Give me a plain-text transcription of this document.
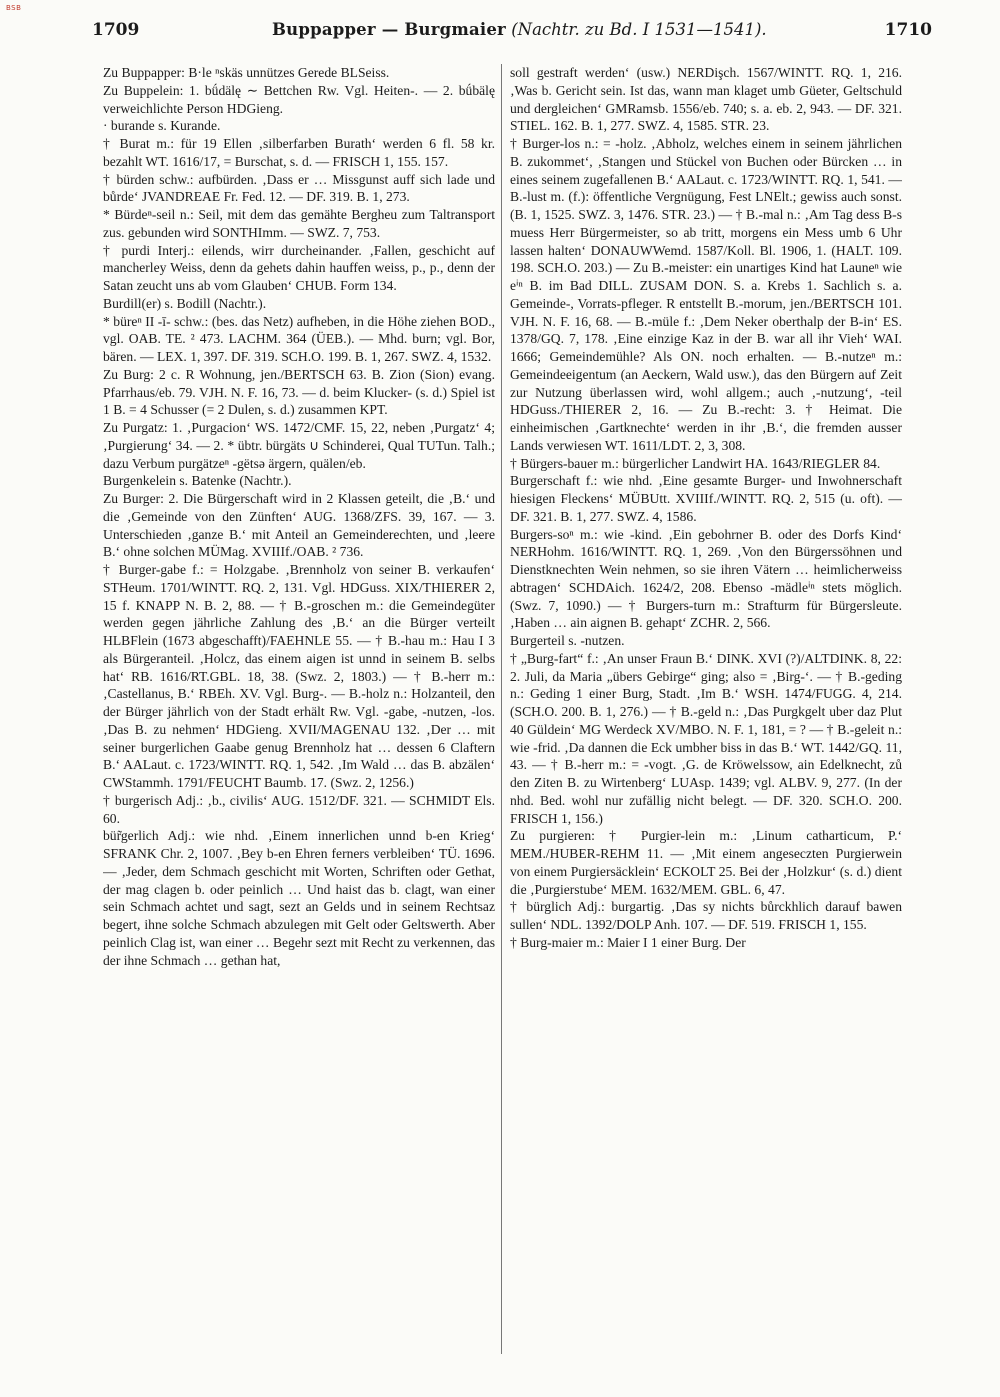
BSB
1709	Buppapper — Burgmaier (Nachtr. zu Bd. I 1531—1541).	1710

Zu Buppapper: B·le ⁿskäs unnützes Gerede BLSeiss.

Zu Buppelein: 1. bǘdälę ∼ Bettchen Rw. Vgl. Heiten-. — 2. bǘbälę verweichlichte Person HDGieng.

· burande s. Kurande.

† Burat m.: für 19 Ellen ‚silberfarben Burath‘ werden 6 fl. 58 kr. bezahlt WT. 1616/17, = Burschat, s. d. — FRISCH 1, 155. 157.

† bürden schw.: aufbürden. ‚Dass er … Missgunst auff sich lade und bůrde‘ JVANDREAE Fr. Fed. 12. — DF. 319. B. 1, 273.

* Bürdeⁿ-seil n.: Seil, mit dem das gemähte Bergheu zum Taltransport zus. gebunden wird SONTHImm. — SWZ. 7, 753.

† purdi Interj.: eilends, wirr durcheinander. ‚Fallen, geschicht auf mancherley Weiss, denn da gehets dahin hauffen weiss, p., p., denn der Satan zeucht uns ab vom Glauben‘ CHUB. Form 134.

Burdill(er) s. Bodill (Nachtr.).

* bürеⁿ II -ī- schw.: (bes. das Netz) aufheben, in die Höhe ziehen BOD., vgl. OAB. TE. ² 473. LACHM. 364 (ÜEB.). — Mhd. burn; vgl. Bor, bären. — LEX. 1, 397. DF. 319. SCH.O. 199. B. 1, 267. SWZ. 4, 1532.

Zu Burg: 2 c. R Wohnung, jen./BERTSCH 63. B. Zion (Sion) evang. Pfarrhaus/eb. 79. VJH. N. F. 16, 73. — d. beim Klucker- (s. d.) Spiel ist 1 B. = 4 Schusser (= 2 Dulen, s. d.) zusammen KPT.

Zu Purgatz: 1. ‚Purgacion‘ WS. 1472/CMF. 15, 22, neben ‚Purgatz‘ 4; ‚Purgierung‘ 34. — 2. * übtr. bürgäts ∪ Schinderei, Qual TUTun. Talh.; dazu Verbum purgätzeⁿ -gëtsə ärgern, quälen/eb.

Burgenkelein s. Batenke (Nachtr.).

Zu Burger: 2. Die Bürgerschaft wird in 2 Klassen geteilt, die ‚B.‘ und die ‚Gemeinde von den Zünften‘ AUG. 1368/ZFS. 39, 167. — 3. Unterschieden ‚ganze B.‘ mit Anteil an Gemeinderechten, und ‚leere B.‘ ohne solchen MÜMag. XVIIIf./OAB. ² 736.

† Burger-gabe f.: = Holzgabe. ‚Brennholz von seiner B. verkaufen‘ STHeum. 1701/WINTT. RQ. 2, 131. Vgl. HDGuss. XIX/THIERER 2, 15 f. KNAPP N. B. 2, 88. — † B.-groschen m.: die Gemeindegüter werden gegen jährliche Zahlung des ‚B.‘ an die Bürger verteilt HLBFlein (1673 abgeschafft)/FAEHNLE 55. — † B.-hau m.: Hau I 3 als Bürgeranteil. ‚Holcz, das einem aigen ist unnd in seinem B. selbs hat‘ RB. 1616/RT.GBL. 18, 38. (Swz. 2, 1803.) — † B.-herr m.: ‚Castellanus, B.‘ RBEh. XV. Vgl. Burg-. — B.-holz n.: Holzanteil, den der Bürger jährlich von der Stadt erhält Rw. Vgl. -gabe, -nutzen, -los. ‚Das B. zu nehmen‘ HDGieng. XVII/MAGENAU 132. ‚Der … mit seiner burgerlichen Gaabe genug Brennholz hat … dessen 6 Claftern B.‘ AALaut. c. 1723/WINTT. RQ. 1, 542. ‚Im Wald … das B. abzälen‘ CWStammh. 1791/FEUCHT Baumb. 17. (Swz. 2, 1256.)

† burgerisch Adj.: ‚b., civilis‘ AUG. 1512/DF. 321. — SCHMIDT Els. 60.

bür̃gerlich Adj.: wie nhd. ‚Einem innerlichen unnd b-en Krieg‘ SFRANK Chr. 2, 1007. ‚Bey b-en Ehren ferners verbleiben‘ TÜ. 1696. — ‚Jeder, dem Schmach geschicht mit Worten, Schriften oder Gethat, der mag clagen b. oder peinlich … Und haist das b. clagt, wan einer sein Schmach achtet und sagt, sezt an Gelds und in seinem Rechtsaz begert, ihne solche Schmach abzulegen mit Gelt oder Geltswerth. Aber peinlich Clag ist, wan einer … Begehr sezt mit Recht zu verkennen, das der ihne Schmach … gethan hat,

soll gestraft werden‘ (usw.) NERDişch. 1567/WINTT. RQ. 1, 216. ‚Was b. Gericht sein. Ist das, wann man klaget umb Güeter, Geltschuld und dergleichen‘ GMRamsb. 1556/eb. 740; s. a. eb. 2, 943. — DF. 321. STIEL. 162. B. 1, 277. SWZ. 4, 1585. STR. 23.

† Burger-los n.: = -holz. ‚Abholz, welches einem in seinem jährlichen B. zukommet‘, ‚Stangen und Stückel von Buchen oder Bürcken … in eines seinem zugefallenen B.‘ AALaut. c. 1723/WINTT. RQ. 1, 541. — B.-lust m. (f.): öffentliche Vergnügung, Fest LNElt.; gewiss auch sonst. (B. 1, 1525. SWZ. 3, 1476. STR. 23.) — † B.-mal n.: ‚Am Tag dess B-s muess Herr Bürgermeister, so ab tritt, morgens ein Mess umb 6 Uhr lassen halten‘ DONAUWWemd. 1587/Koll. Bl. 1906, 1. (HALT. 109. 198. SCH.O. 203.) — Zu B.-meister: ein unartiges Kind hat Launeⁿ wie eⁱⁿ B. im Bad DILL. ZUSAM DON. S. a. Krebs 1. Sachlich s. a. Gemeinde-, Vorrats-pfleger. R entstellt B.-morum, jen./BERTSCH 101. VJH. N. F. 16, 68. — B.-müle f.: ‚Dem Neker oberthalp der B-in‘ ES. 1378/GQ. 7, 178. ‚Eine einzige Kaz in der B. war all ihr Vieh‘ WAI. 1666; Gemeindemühle? Als ON. noch erhalten. — B.-nutzeⁿ m.: Gemeindeeigentum (an Aeckern, Wald usw.), das den Bürgern auf Zeit zur Nutzung überlassen wird, wohl allgem.; auch ‚-nutzung‘, -teil HDGuss./THIERER 2, 16. — Zu B.-recht: 3. † Heimat. Die einheimischen ‚Gartknechte‘ werden in ihr ‚B.‘, die fremden ausser Lands verwiesen WT. 1611/LDT. 2, 3, 308.

† Bürgers-bauer m.: bürgerlicher Landwirt HA. 1643/RIEGLER 84.

Burgerschaft f.: wie nhd. ‚Eine gesamte Burger- und Inwohnerschaft hiesigen Fleckens‘ MÜBUtt. XVIIIf./WINTT. RQ. 2, 515 (u. oft). — DF. 321. B. 1, 277. SWZ. 4, 1586.

Burgers-soⁿ m.: wie -kind. ‚Ein gebohrner B. oder des Dorfs Kind‘ NERHohm. 1616/WINTT. RQ. 1, 269. ‚Von den Bürgerssöhnen und Dienstknechten Wein nehmen, so sie ihren Vätern … heimlicherweiss abtragen‘ SCHDAich. 1624/2, 208. Ebenso -mädleⁱⁿ stets möglich. (Swz. 7, 1090.) — † Burgers-turn m.: Strafturm für Bürgersleute. ‚Haben … ain aignen B. gehapt‘ ZCHR. 2, 566.

Burgerteil s. -nutzen.

† „Burg-fart“ f.: ‚An unser Fraun B.‘ DINK. XVI (?)/ALTDINK. 8, 22: 2. Juli, da Maria „übers Gebirge“ ging; also = ‚Birg-‘. — † B.-geding n.: Geding 1 einer Burg, Stadt. ‚Im B.‘ WSH. 1474/FUGG. 4, 214. (SCH.O. 200. B. 1, 276.) — † B.-geld n.: ‚Das Purgkgelt uber daz Plut 40 Güldein‘ MG Werdeck XV/MBO. N. F. 1, 181, = ? — † B.-geleit n.: wie -frid. ‚Da dannen die Eck umbher biss in das B.‘ WT. 1442/GQ. 11, 43. — † B.-herr m.: = -vogt. ‚G. de Kröwelssow, ain Edelknecht, zů den Ziten B. zu Wirtenberg‘ LUAsp. 1439; vgl. ALBV. 9, 277. (In der nhd. Bed. wohl nur zufällig nicht belegt. — DF. 320. SCH.O. 200. FRISCH 1, 156.)

Zu purgieren: † Purgier-lein m.: ‚Linum catharticum, P.‘ MEM./HUBER-REHM 11. — ‚Mit einem angeseczten Purgierwein von einem Purgiersäcklein‘ ECKOLT 25. Bei der ‚Holzkur‘ (s. d.) dient die ‚Purgierstube‘ MEM. 1632/MEM. GBL. 6, 47.

† bürglich Adj.: burgartig. ‚Das sy nichts bůrckhlich darauf bawen sullen‘ NDL. 1392/DOLP Anh. 107. — DF. 519. FRISCH 1, 155.

† Burg-maier m.: Maier I 1 einer Burg. Der
